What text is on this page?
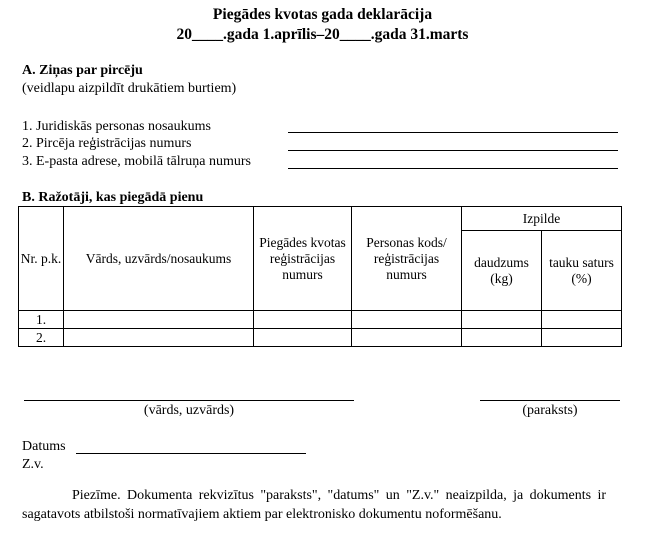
Piegādes kvotas gada deklarācija
20____.gada 1.aprīlis–20____.gada 31.marts
A. Ziņas par pircēju
(veidlapu aizpildīt drukātiem burtiem)
1. Juridiskās personas nosaukums
2. Pircēja reģistrācijas numurs
3. E-pasta adrese, mobilā tālruņa numurs
B. Ražotāji, kas piegādā pienu
Nr. p.k.	Vārds, uzvārds/nosaukums	Piegādes kvotas reģistrācijas numurs	Personas kods/ reģistrācijas numurs	Izpilde	
				daudzums (kg)	tauku saturs (%)
1.					
2.					
(vārds, uzvārds)	(paraksts)
Datums
Z.v.
Piezīme. Dokumenta rekvizītus "paraksts", "datums" un "Z.v." neaizpilda, ja dokuments ir sagatavots atbilstoši normatīvajiem aktiem par elektronisko dokumentu noformēšanu.
